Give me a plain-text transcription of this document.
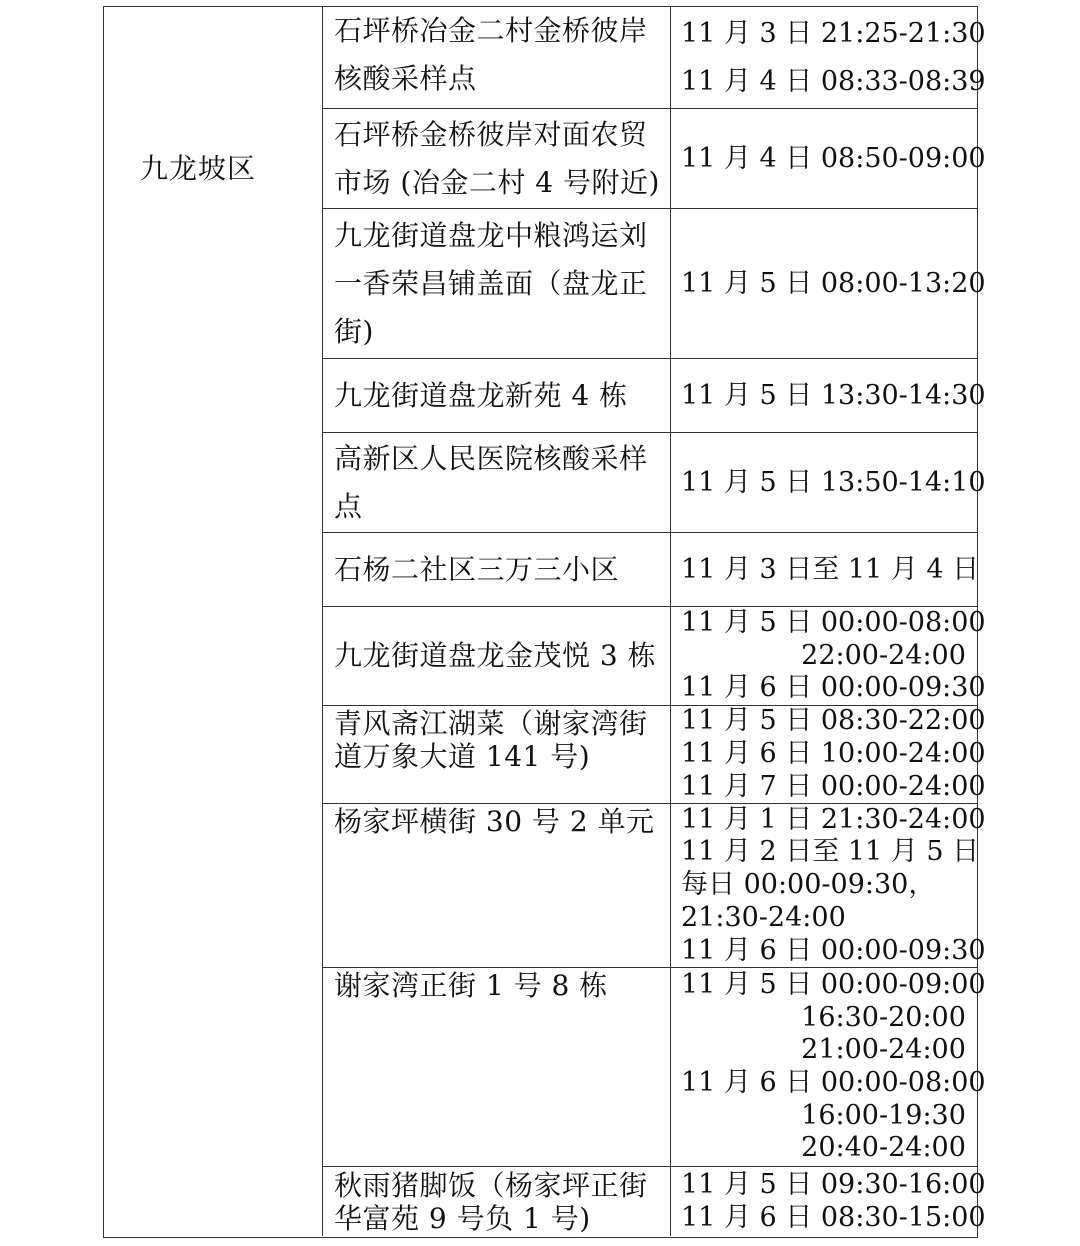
九龙坡区
石坪桥冶金二村金桥彼岸核酸采样点
11 月 3 日 21:25-21:30
11 月 4 日 08:33-08:39
石坪桥金桥彼岸对面农贸市场 (冶金二村 4 号附近)
11 月 4 日 08:50-09:00
九龙街道盘龙中粮鸿运刘一香荣昌铺盖面（盘龙正街)
11 月 5 日 08:00-13:20
九龙街道盘龙新苑 4 栋 11 月 5 日 13:30-14:30
高新区人民医院核酸采样点
11 月 5 日 13:50-14:10
石杨二社区三万三小区 11 月 3 日至 11 月 4 日
九龙街道盘龙金茂悦 3 栋
11 月 5 日 00:00-08:00
22:00-24:00
11 月 6 日 00:00-09:30
青风斋江湖菜（谢家湾街道万象大道 141 号)
11 月 5 日 08:30-22:00
11 月 6 日 10:00-24:00
11 月 7 日 00:00-24:00
杨家坪横街 30 号 2 单元 11 月 1 日 21:30-24:00
11 月 2 日至 11 月 5 日
每日 00:00-09:30，
21:30-24:00
11 月 6 日 00:00-09:30
谢家湾正街 1 号 8 栋	11 月 5 日 00:00-09:00
16:30-20:00
21:00-24:00
11 月 6 日 00:00-08:00
16:00-19:30
20:40-24:00
秋雨猪脚饭（杨家坪正街华富苑 9 号负 1 号)
11 月 5 日 09:30-16:00
11 月 6 日 08:30-15:00
